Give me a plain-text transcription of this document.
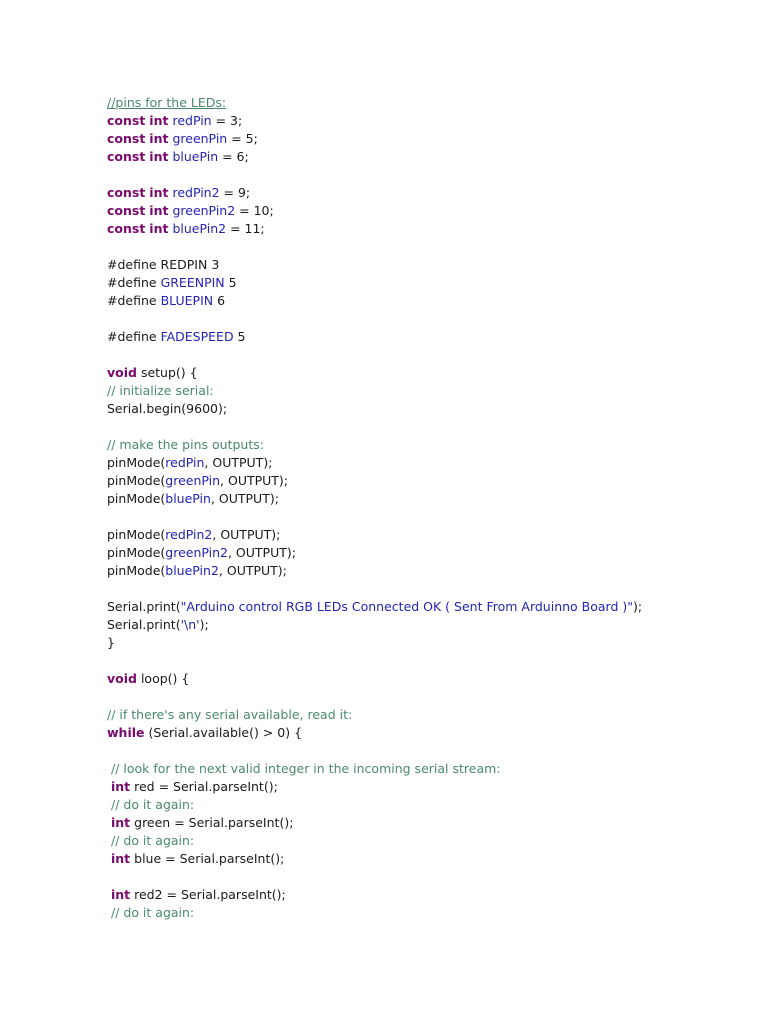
//pins for the LEDs:
const int redPin = 3;
const int greenPin = 5;
const int bluePin = 6;
const int redPin2 = 9;
const int greenPin2 = 10;
const int bluePin2 = 11;
#define REDPIN 3
#define GREENPIN 5
#define BLUEPIN 6
#define FADESPEED 5
void setup() {
// initialize serial:
Serial.begin(9600);
// make the pins outputs:
pinMode(redPin, OUTPUT);
pinMode(greenPin, OUTPUT);
pinMode(bluePin, OUTPUT);
pinMode(redPin2, OUTPUT);
pinMode(greenPin2, OUTPUT);
pinMode(bluePin2, OUTPUT);
Serial.print("Arduino control RGB LEDs Connected OK ( Sent From Arduinno Board )");
Serial.print('\n');
}
void loop() {
// if there's any serial available, read it:
while (Serial.available() > 0) {
// look for the next valid integer in the incoming serial stream:
int red = Serial.parseInt();
// do it again:
int green = Serial.parseInt();
// do it again:
int blue = Serial.parseInt();
int red2 = Serial.parseInt();
// do it again:
